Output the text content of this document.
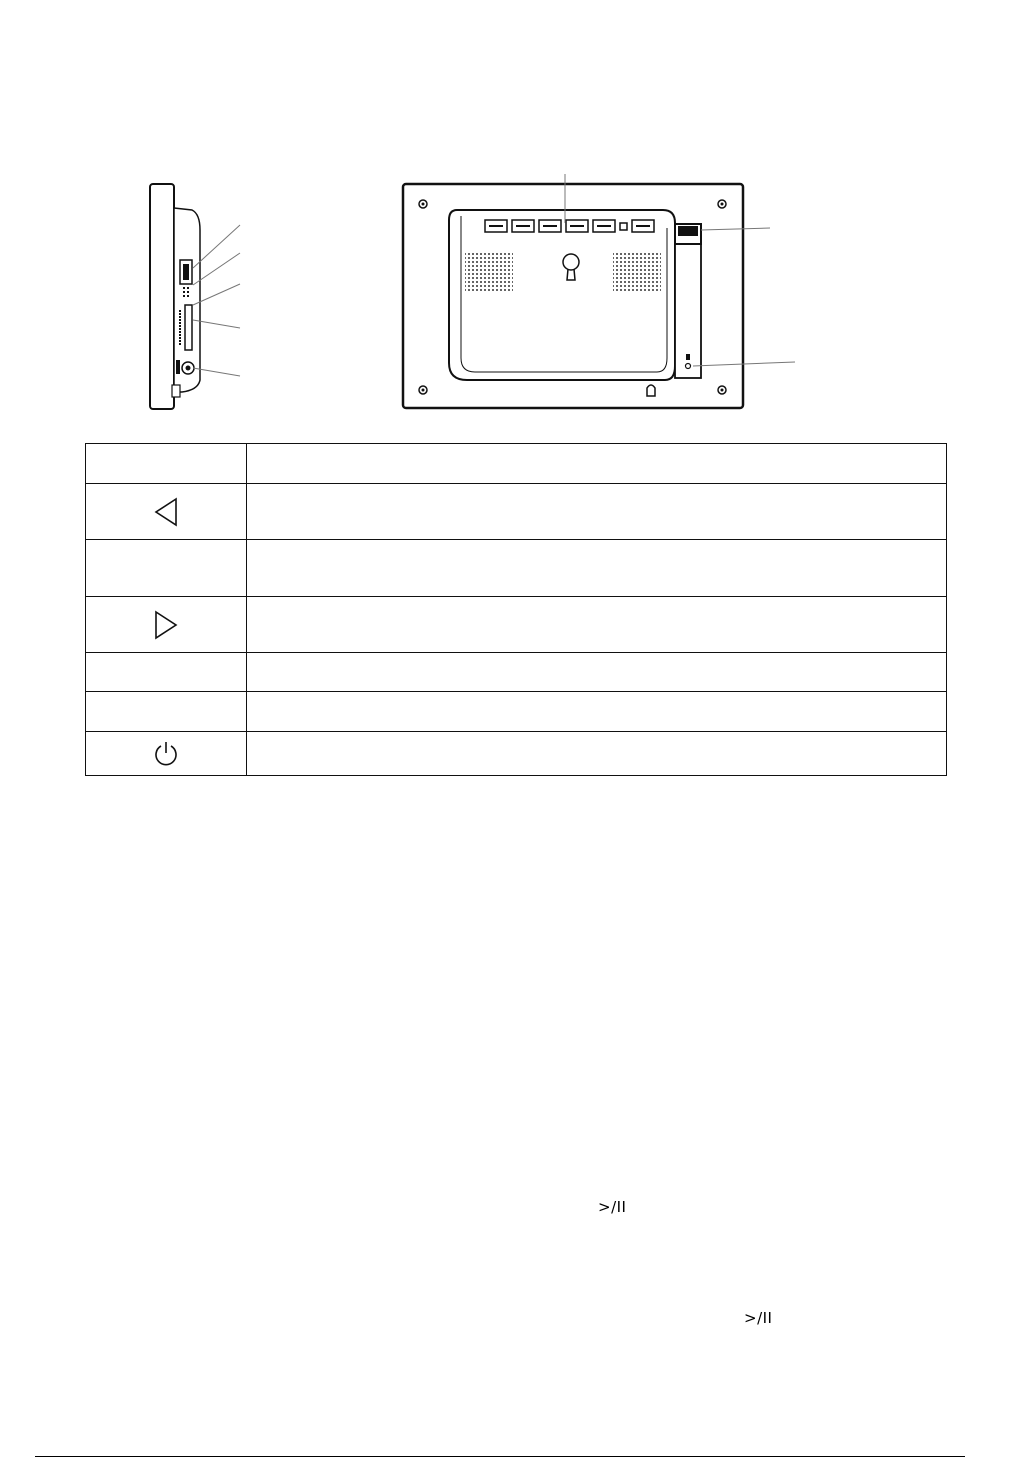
>/II
>/II
